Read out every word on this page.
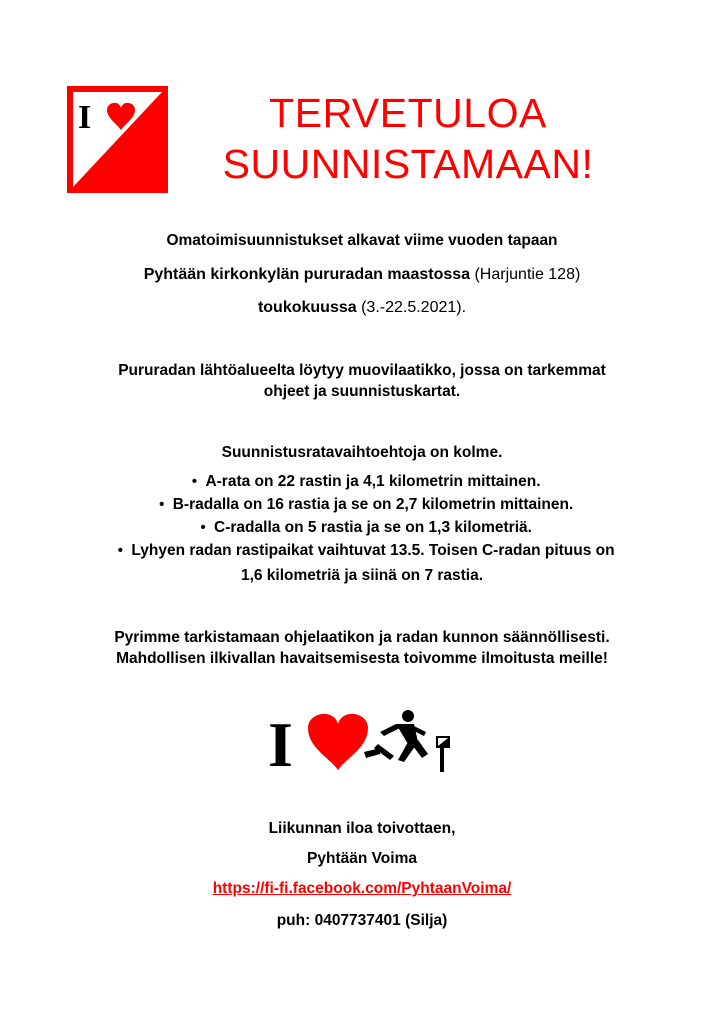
I	TERVETULOA
SUUNNISTAMAAN!
Omatoimisuunnistukset alkavat viime vuoden tapaan
Pyhtään kirkonkylän pururadan maastossa (Harjuntie 128)
toukokuussa (3.-22.5.2021).
Pururadan lähtöalueelta löytyy muovilaatikko, jossa on tarkemmat
ohjeet ja suunnistuskartat.
Suunnistusratavaihtoehtoja on kolme.
• A-rata on 22 rastin ja 4,1 kilometrin mittainen.
• B-radalla on 16 rastia ja se on 2,7 kilometrin mittainen.
• C-radalla on 5 rastia ja se on 1,3 kilometriä.
• Lyhyen radan rastipaikat vaihtuvat 13.5. Toisen C-radan pituus on
1,6 kilometriä ja siinä on 7 rastia.
Pyrimme tarkistamaan ohjelaatikon ja radan kunnon säännöllisesti.
Mahdollisen ilkivallan havaitsemisesta toivomme ilmoitusta meille!
I
Liikunnan iloa toivottaen,
Pyhtään Voima
https://fi-fi.facebook.com/PyhtaanVoima/
puh: 0407737401 (Silja)
